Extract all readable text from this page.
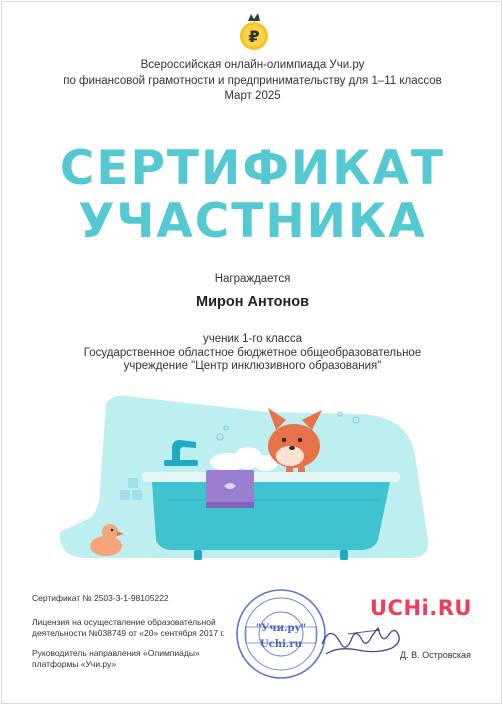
₽
Всероссийская онлайн-олимпиада Учи.ру
по финансовой грамотности и предпринимательству для 1–11 классов
Март 2025
СЕРТИФИКАТ
УЧАСТНИКА
Награждается
Мирон Антонов
ученик 1-го класса
Государственное областное бюджетное общеобразовательное
учреждение "Центр инклюзивного образования"
Сертификат № 2503-3-1-98105222
Лицензия на осуществление образовательной
деятельности №038749 от «20» сентября 2017 г.
Руководитель направления «Олимпиады»
платформы «Учи.ру»
"Учи.ру"
Uchi.ru
UCHi.RU
Д. В. Островская
